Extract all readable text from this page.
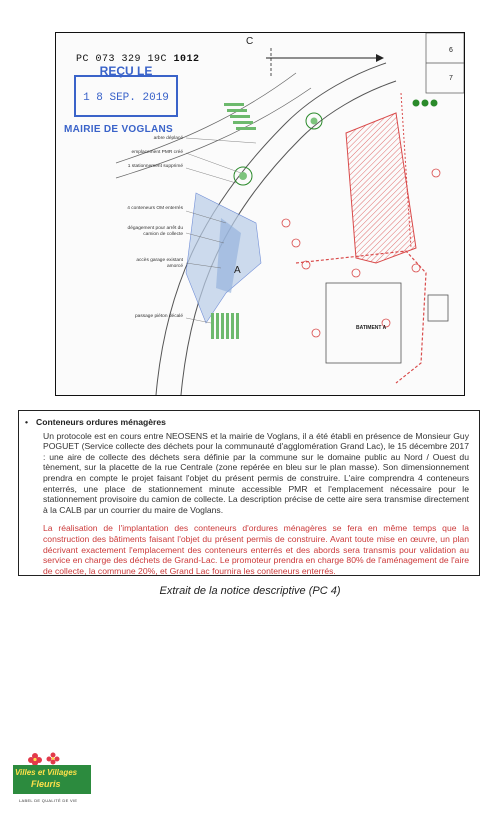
PC 073 329 19C 1012
REÇU LE
1 8 SEP. 2019
MAIRIE DE VOGLANS
C
A
BATIMENT A
6
7
arbre déplacé
emplacement PMR créé
1 stationnement supprimé
4 conteneurs OM enterrés
dégagement pour arrêt du camion de collecte
accès garage existant amorcé
passage piéton décalé
• Conteneurs ordures ménagères

Un protocole est en cours entre NEOSENS et la mairie de Voglans, il a été établi en présence de Monsieur Guy POGUET (Service collecte des déchets pour la communauté d'agglomération Grand Lac), le 15 décembre 2017 : une aire de collecte des déchets sera définie par la commune sur le domaine public au Nord / Ouest du tènement, sur la placette de la rue Centrale (zone repérée en bleu sur le plan masse). Son dimensionnement prendra en compte le projet faisant l'objet du présent permis de construire. L'aire comprendra 4 conteneurs enterrés, une place de stationnement minute accessible PMR et l'emplacement nécessaire pour le stationnement provisoire du camion de collecte. La description précise de cette aire sera transmise directement à la CALB par un courrier du maire de Voglans.

La réalisation de l'implantation des conteneurs d'ordures ménagères se fera en même temps que la construction des bâtiments faisant l'objet du présent permis de construire. Avant toute mise en œuvre, un plan décrivant exactement l'emplacement des conteneurs enterrés et des abords sera transmis pour validation au service en charge des déchets de Grand-Lac. Le promoteur prendra en charge 80% de l'aménagement de l'aire de collecte, la commune 20%, et Grand Lac fournira les conteneurs enterrés.

Extrait de la notice descriptive (PC 4)
Villes et Villages
Fleuris
LABEL DE QUALITÉ DE VIE
